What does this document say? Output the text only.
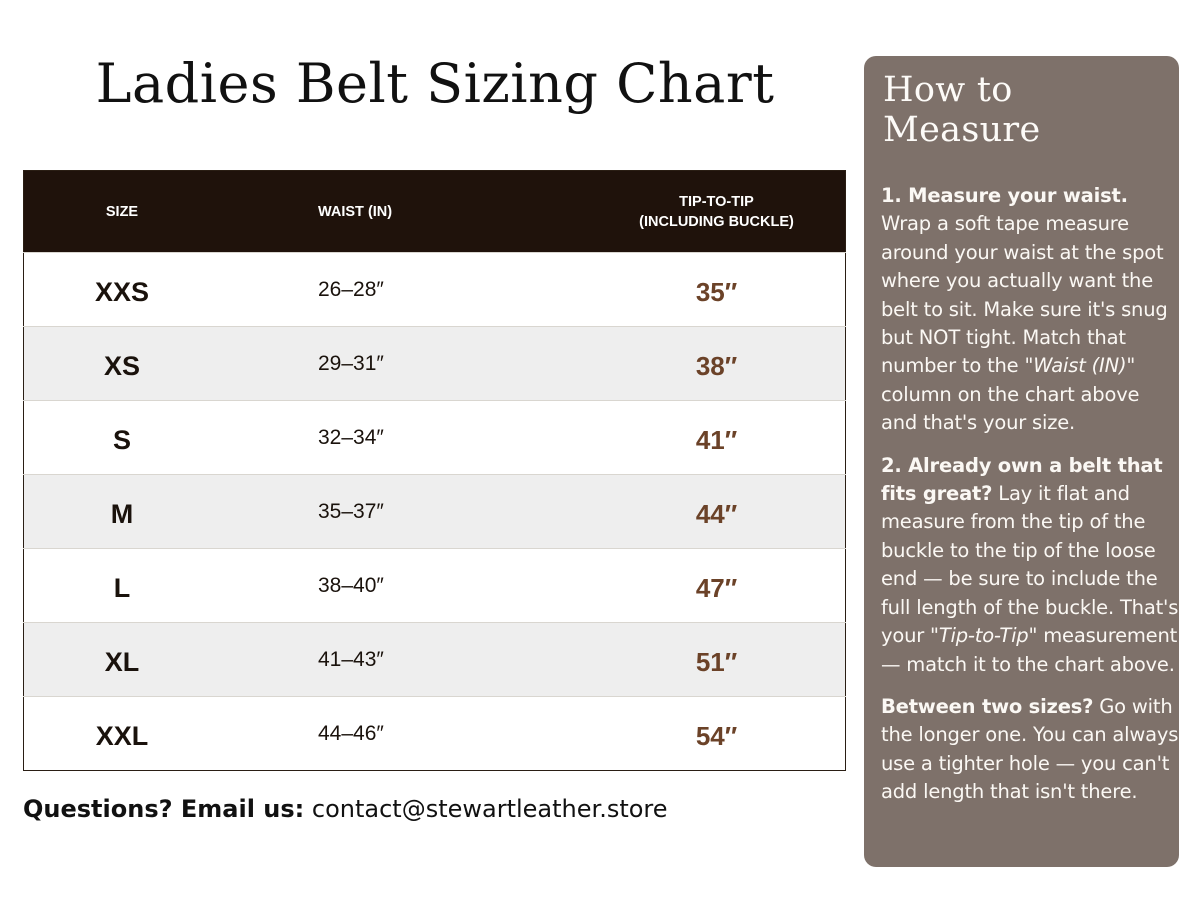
Ladies Belt Sizing Chart
SIZE	WAIST (IN)	TIP-TO-TIP
(INCLUDING BUCKLE)
XXS	26–28″	35″
XS	29–31″	38″
S	32–34″	41″
M	35–37″	44″
L	38–40″	47″
XL	41–43″	51″
XXL	44–46″	54″
Questions? Email us: contact@stewartleather.store
How to Measure

1. Measure your waist. Wrap a soft tape measure around your waist at the spot where you actually want the belt to sit. Make sure it's snug but NOT tight. Match that number to the "Waist (IN)" column on the chart above and that's your size.

2. Already own a belt that fits great? Lay it flat and measure from the tip of the buckle to the tip of the loose end — be sure to include the full length of the buckle. That's your "Tip-to-Tip" measurement — match it to the chart above.

Between two sizes? Go with the longer one. You can always use a tighter hole — you can't add length that isn't there.
